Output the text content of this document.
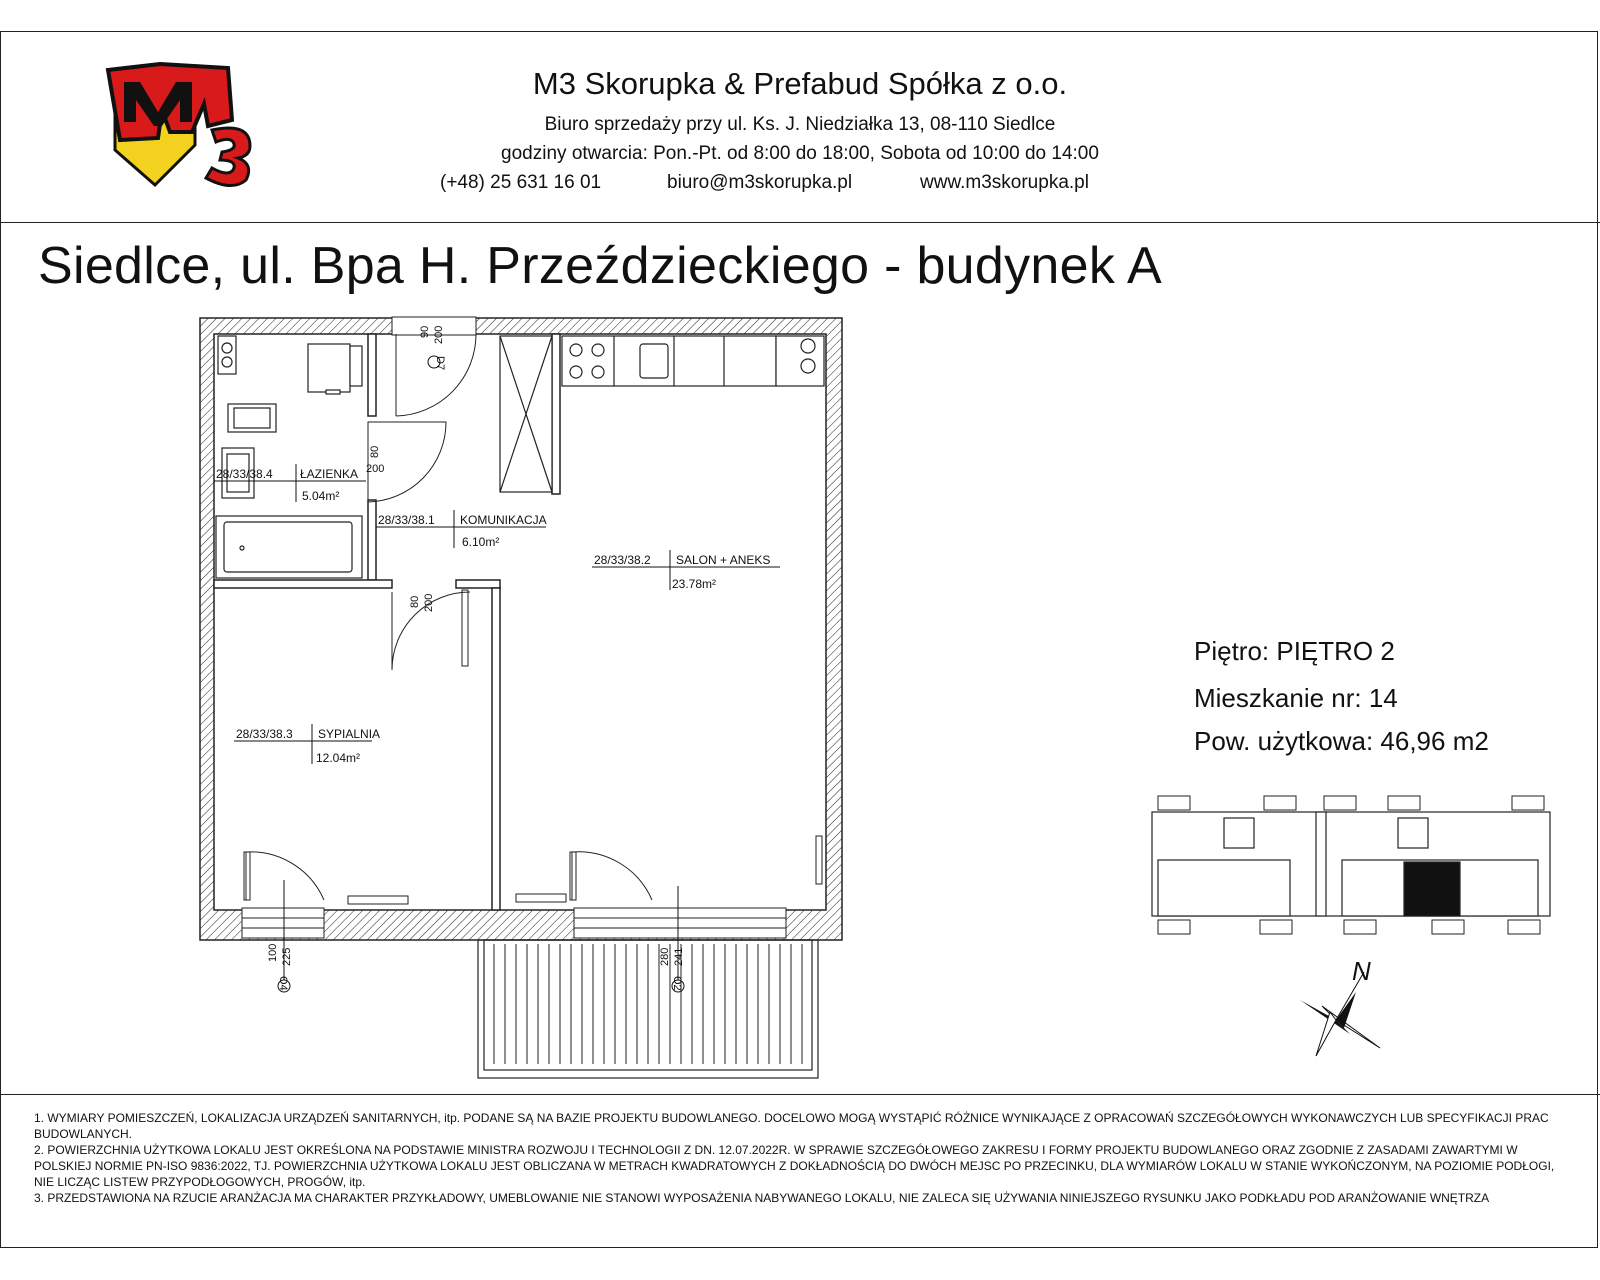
M3
M3 Skorupka & Prefabud Spółka z o.o.
Biuro sprzedaży przy ul. Ks. J. Niedziałka 13, 08-110 Siedlce
godziny otwarcia: Pon.-Pt. od 8:00 do 18:00, Sobota od 10:00 do 14:00
(+48) 25 631 16 01	biuro@m3skorupka.pl	www.m3skorupka.pl
Siedlce, ul. Bpa H. Przeździeckiego - budynek A
Piętro: PIĘTRO 2
Mieszkanie nr: 14
Pow. użytkowa: 46,96 m2
28/33/38.4 ŁAZIENKA
5.04m²
28/33/38.1 KOMUNIKACJA
6.10m²
28/33/38.2 SALON + ANEKS
23.78m²
28/33/38.3 SYPIALNIA
12.04m²
90 200
D7
80
200
80 200
100 225
O4
280 241
O2	N

1. WYMIARY POMIESZCZEŃ, LOKALIZACJA URZĄDZEŃ SANITARNYCH, itp. PODANE SĄ NA BAZIE PROJEKTU BUDOWLANEGO. DOCELOWO MOGĄ WYSTĄPIĆ RÓŻNICE WYNIKAJĄCE Z OPRACOWAŃ SZCZEGÓŁOWYCH WYKONAWCZYCH LUB SPECYFIKACJI PRAC BUDOWLANYCH.

2. POWIERZCHNIA UŻYTKOWA LOKALU JEST OKREŚLONA NA PODSTAWIE MINISTRA ROZWOJU I TECHNOLOGII Z DN. 12.07.2022R. W SPRAWIE SZCZEGÓŁOWEGO ZAKRESU I FORMY PROJEKTU BUDOWLANEGO ORAZ ZGODNIE Z ZASADAMI ZAWARTYMI W POLSKIEJ NORMIE PN-ISO 9836:2022, TJ. POWIERZCHNIA UŻYTKOWA LOKALU JEST OBLICZANA W METRACH KWADRATOWYCH Z DOKŁADNOŚCIĄ DO DWÓCH MEJSC PO PRZECINKU, DLA WYMIARÓW LOKALU W STANIE WYKOŃCZONYM, NA POZIOMIE PODŁOGI, NIE LICZĄC LISTEW PRZYPODŁOGOWYCH, PROGÓW, itp.

3. PRZEDSTAWIONA NA RZUCIE ARANŻACJA MA CHARAKTER PRZYKŁADOWY, UMEBLOWANIE NIE STANOWI WYPOSAŻENIA NABYWANEGO LOKALU, NIE ZALECA SIĘ UŻYWANIA NINIEJSZEGO RYSUNKU JAKO PODKŁADU POD ARANŻOWANIE WNĘTRZA
